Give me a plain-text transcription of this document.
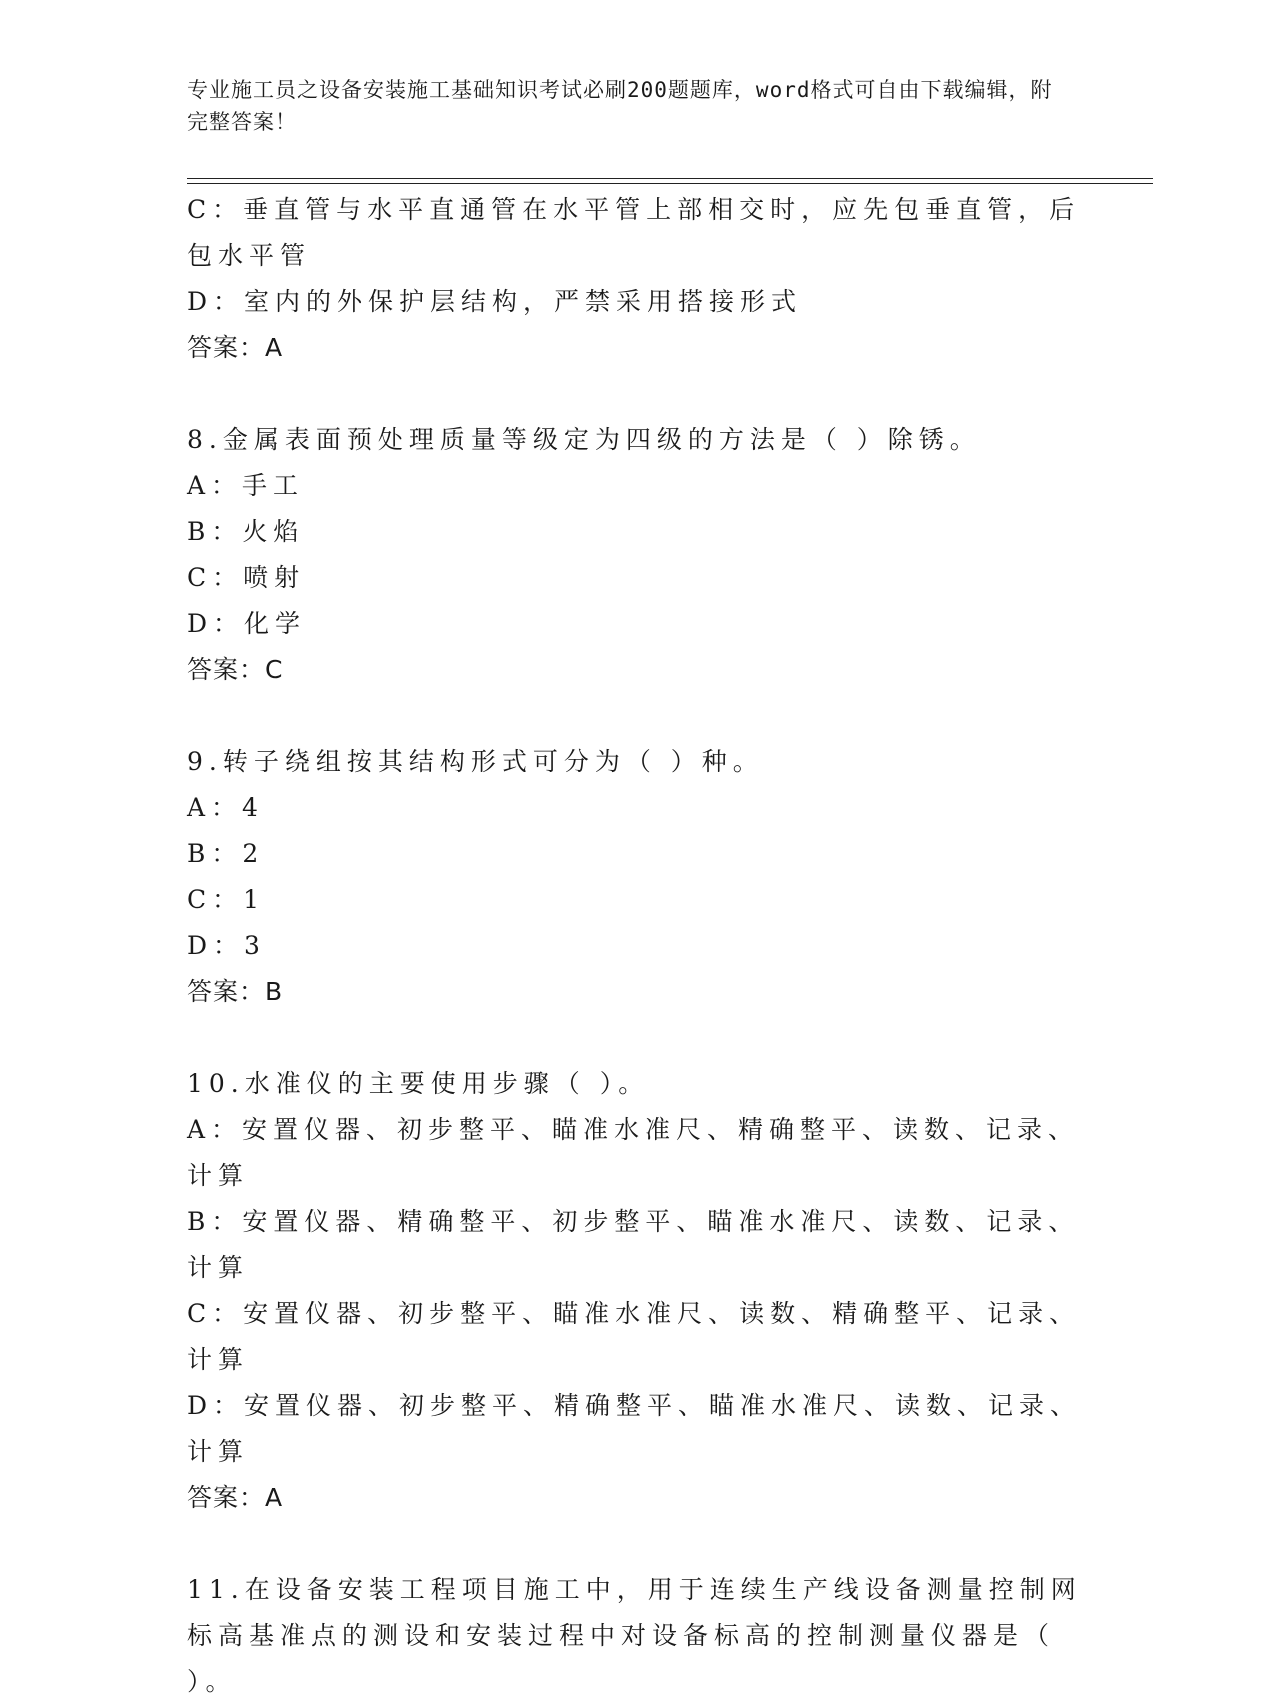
专业施工员之设备安装施工基础知识考试必刷200题题库，word格式可自由下载编辑，附完整答案！
C：垂直管与水平直通管在水平管上部相交时，应先包垂直管，后包水平管
D：室内的外保护层结构，严禁采用搭接形式
答案：A
8.金属表面预处理质量等级定为四级的方法是（ ）除锈。
A：手工
B：火焰
C：喷射
D：化学
答案：C
9.转子绕组按其结构形式可分为（ ）种。
A：4
B：2
C：1
D：3
答案：B
10.水准仪的主要使用步骤（ ）。
A：安置仪器、初步整平、瞄准水准尺、精确整平、读数、记录、计算
B：安置仪器、精确整平、初步整平、瞄准水准尺、读数、记录、计算
C：安置仪器、初步整平、瞄准水准尺、读数、精确整平、记录、计算
D：安置仪器、初步整平、精确整平、瞄准水准尺、读数、记录、计算
答案：A
11.在设备安装工程项目施工中，用于连续生产线设备测量控制网标高基准点的测设和安装过程中对设备标高的控制测量仪器是（ ）。
